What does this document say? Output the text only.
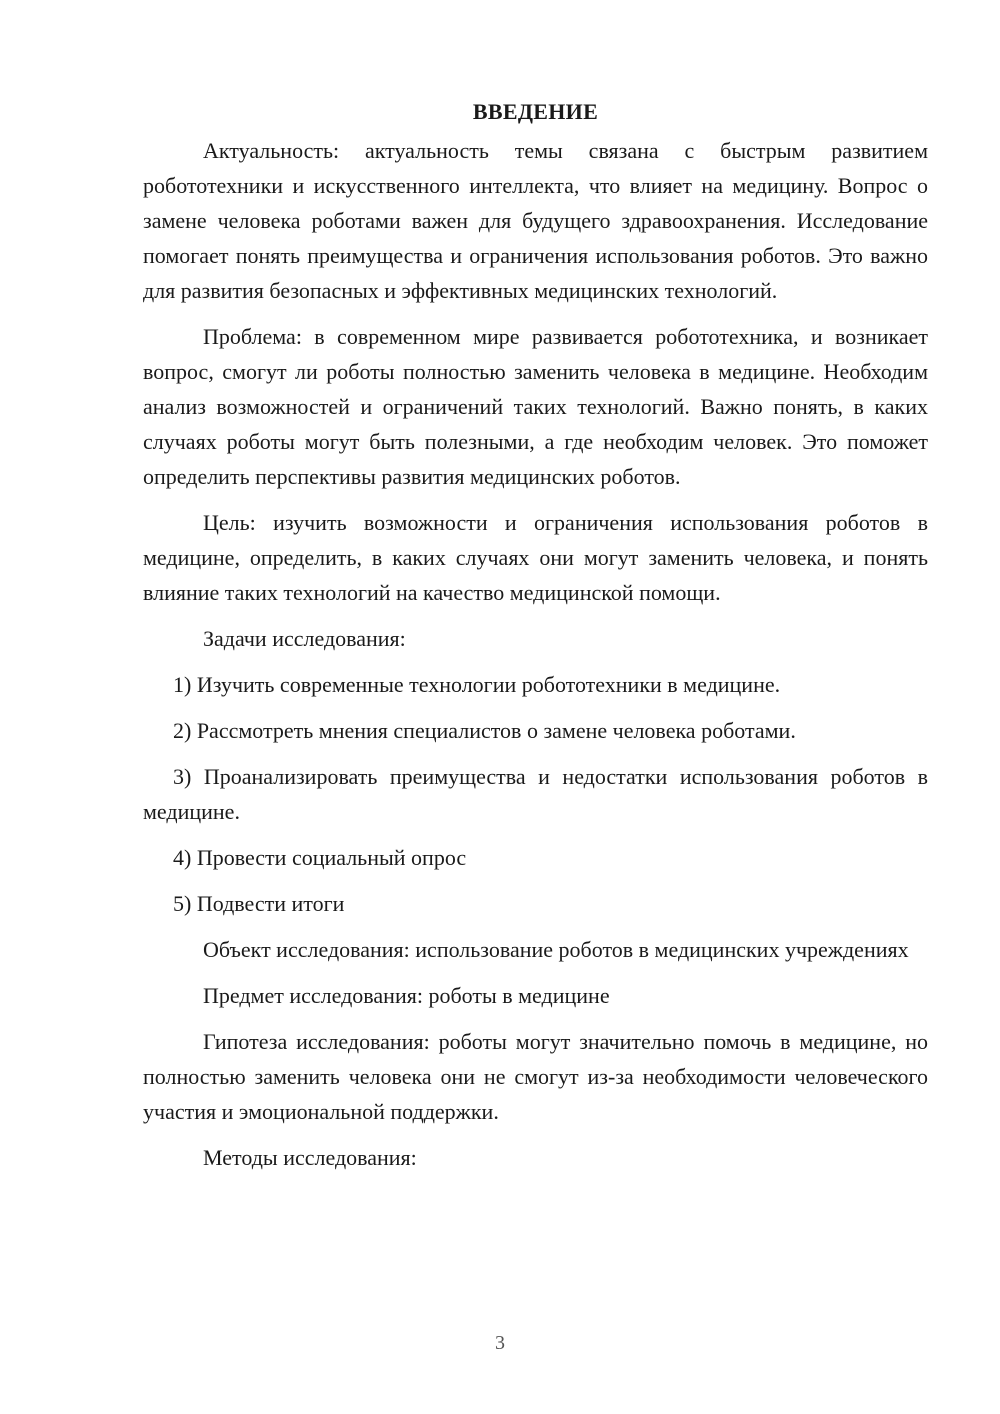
ВВЕДЕНИЕ
Актуальность: актуальность темы связана с быстрым развитием робототехники и искусственного интеллекта, что влияет на медицину. Вопрос о замене человека роботами важен для будущего здравоохранения. Исследование помогает понять преимущества и ограничения использования роботов. Это важно для развития безопасных и эффективных медицинских технологий.
Проблема: в современном мире развивается робототехника, и возникает вопрос, смогут ли роботы полностью заменить человека в медицине. Необходим анализ возможностей и ограничений таких технологий. Важно понять, в каких случаях роботы могут быть полезными, а где необходим человек. Это поможет определить перспективы развития медицинских роботов.
Цель: изучить возможности и ограничения использования роботов в медицине, определить, в каких случаях они могут заменить человека, и понять влияние таких технологий на качество медицинской помощи.
Задачи исследования:
1) Изучить современные технологии робототехники в медицине.
2) Рассмотреть мнения специалистов о замене человека роботами.
3) Проанализировать преимущества и недостатки использования роботов в медицине.
4) Провести социальный опрос
5) Подвести итоги
Объект исследования: использование роботов в медицинских учреждениях
Предмет исследования: роботы в медицине
Гипотеза исследования: роботы могут значительно помочь в медицине, но полностью заменить человека они не смогут из-за необходимости человеческого участия и эмоциональной поддержки.
Методы исследования:
3
